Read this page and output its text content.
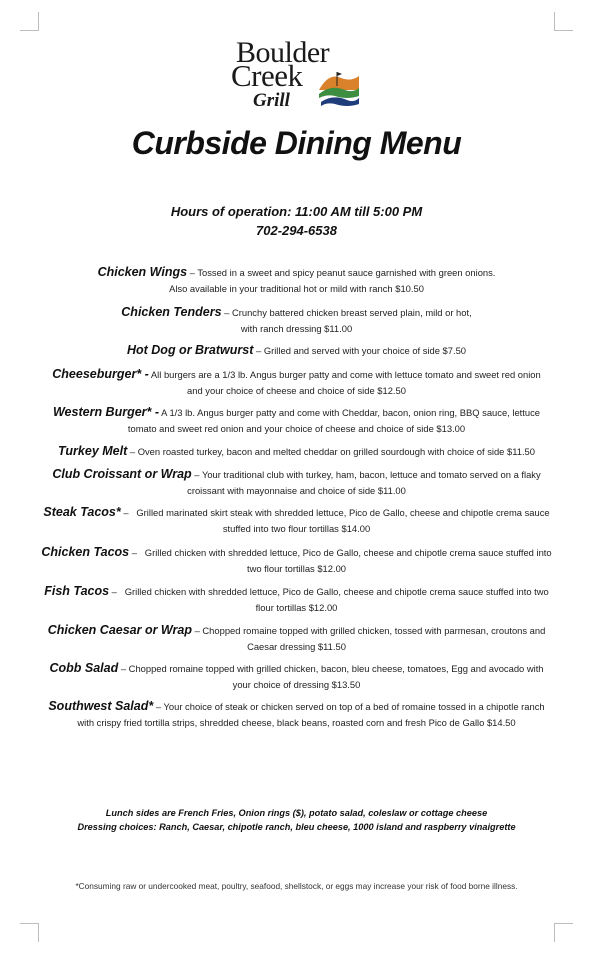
Boulder
Creek
Grill
Curbside Dining Menu
Hours of operation: 11:00 AM till 5:00 PM
702-294-6538
Chicken Wings – Tossed in a sweet and spicy peanut sauce garnished with green onions.
Also available in your traditional hot or mild with ranch $10.50
Chicken Tenders – Crunchy battered chicken breast served plain, mild or hot,
with ranch dressing $11.00
Hot Dog or Bratwurst – Grilled and served with your choice of side $7.50
Cheeseburger* - All burgers are a 1/3 lb. Angus burger patty and come with lettuce tomato and sweet red onion
and your choice of cheese and choice of side $12.50
Western Burger* - A 1/3 lb. Angus burger patty and come with Cheddar, bacon, onion ring, BBQ sauce, lettuce
tomato and sweet red onion and your choice of cheese and choice of side $13.00
Turkey Melt – Oven roasted turkey, bacon and melted cheddar on grilled sourdough with choice of side $11.50
Club Croissant or Wrap – Your traditional club with turkey, ham, bacon, lettuce and tomato served on a flaky
croissant with mayonnaise and choice of side $11.00
Steak Tacos* –   Grilled marinated skirt steak with shredded lettuce, Pico de Gallo, cheese and chipotle crema sauce
stuffed into two flour tortillas $14.00
Chicken Tacos –   Grilled chicken with shredded lettuce, Pico de Gallo, cheese and chipotle crema sauce stuffed into
two flour tortillas $12.00
Fish Tacos –   Grilled chicken with shredded lettuce, Pico de Gallo, cheese and chipotle crema sauce stuffed into two
flour tortillas $12.00
Chicken Caesar or Wrap – Chopped romaine topped with grilled chicken, tossed with parmesan, croutons and
Caesar dressing $11.50
Cobb Salad – Chopped romaine topped with grilled chicken, bacon, bleu cheese, tomatoes, Egg and avocado with
your choice of dressing $13.50
Southwest Salad* – Your choice of steak or chicken served on top of a bed of romaine tossed in a chipotle ranch
with crispy fried tortilla strips, shredded cheese, black beans, roasted corn and fresh Pico de Gallo $14.50
Lunch sides are French Fries, Onion rings ($), potato salad, coleslaw or cottage cheese
Dressing choices: Ranch, Caesar, chipotle ranch, bleu cheese, 1000 island and raspberry vinaigrette
*Consuming raw or undercooked meat, poultry, seafood, shellstock, or eggs may increase your risk of food borne illness.
